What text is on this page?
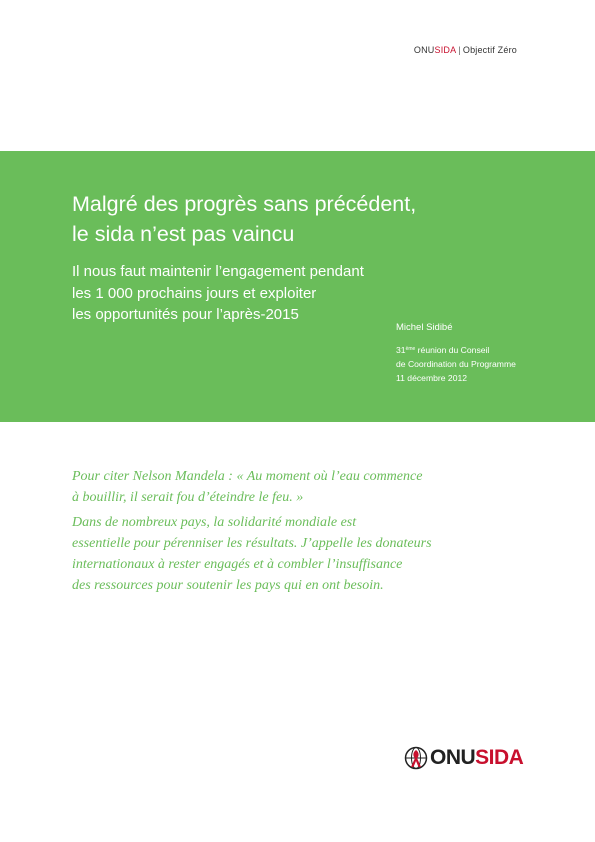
ONUSIDA | Objectif Zéro
Malgré des progrès sans précédent,
le sida n’est pas vaincu

Il nous faut maintenir l’engagement pendant
les 1 000 prochains jours et exploiter
les opportunités pour l’après-2015

Michel Sidibé
31ème réunion du Conseil
de Coordination du Programme
11 décembre 2012

Pour citer Nelson Mandela : « Au moment où l’eau commence
à bouillir, il serait fou d’éteindre le feu. »

Dans de nombreux pays, la solidarité mondiale est
essentielle pour pérenniser les résultats. J’appelle les donateurs
internationaux à rester engagés et à combler l’insuffisance
des ressources pour soutenir les pays qui en ont besoin.

ONUSIDA
